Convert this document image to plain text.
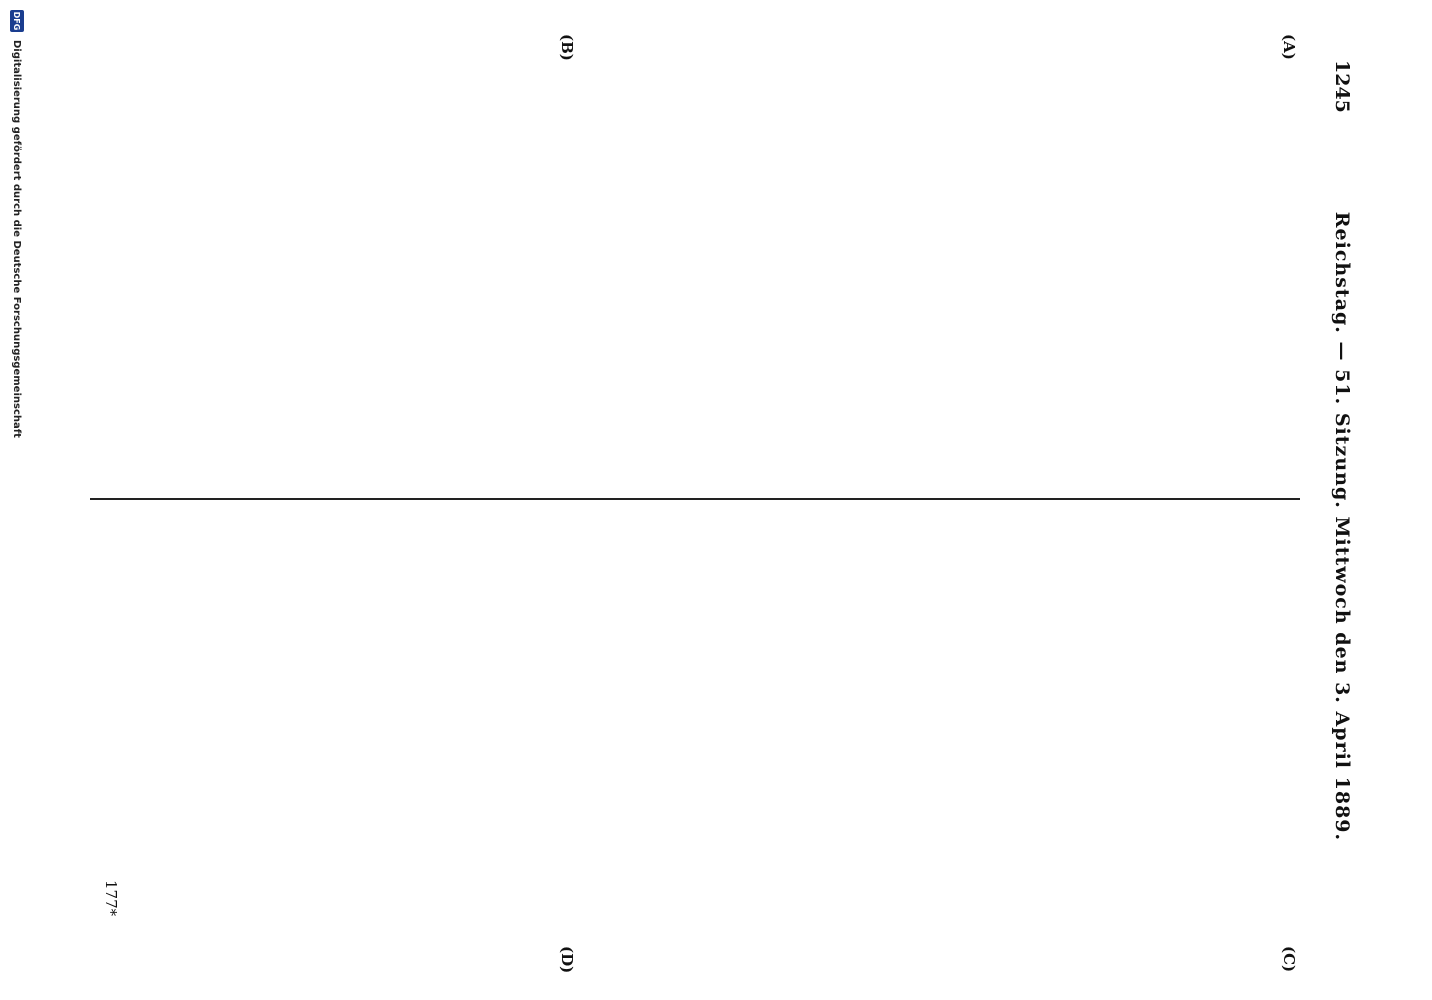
1245
Reichstag. — 51. Sitzung. Mittwoch den 3. April 1889.
(A)
(B)
(C)
(D)
177*
DFG
Digitalisierung gefördert durch die Deutsche Forschungsgemeinschaft
